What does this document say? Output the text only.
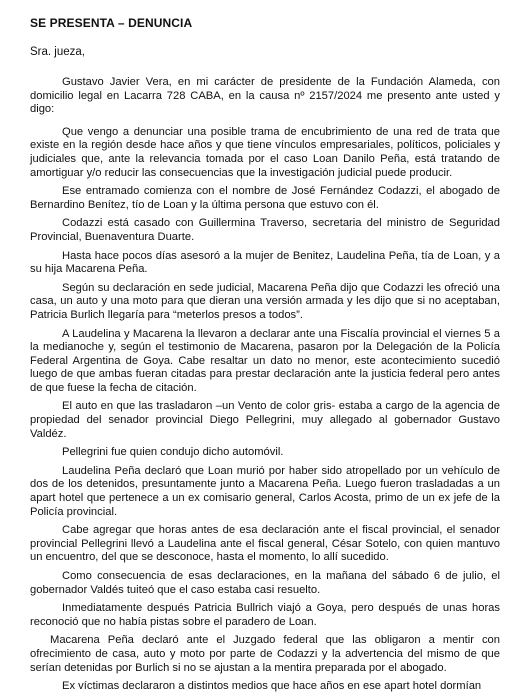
SE PRESENTA – DENUNCIA
Sra. jueza,

Gustavo Javier Vera, en mi carácter de presidente de la Fundación Alameda, con domicilio legal en Lacarra 728 CABA, en la causa nº 2157/2024 me presento ante usted y digo:

Que vengo a denunciar una posible trama de encubrimiento de una red de trata que existe en la región desde hace años y que tiene vínculos empresariales, políticos, policiales y judiciales que, ante la relevancia tomada por el caso Loan Danilo Peña, está tratando de amortiguar y/o reducir las consecuencias que la investigación judicial puede producir.

Ese entramado comienza con el nombre de José Fernández Codazzi, el abogado de Bernardino Benítez, tío de Loan y la última persona que estuvo con él.

Codazzi está casado con Guillermina Traverso, secretaria del ministro de Seguridad Provincial, Buenaventura Duarte.

Hasta hace pocos días asesoró a la mujer de Benitez, Laudelina Peña, tía de Loan, y a su hija Macarena Peña.

Según su declaración en sede judicial, Macarena Peña dijo que Codazzi les ofreció una casa, un auto y una moto para que dieran una versión armada y les dijo que si no aceptaban, Patricia Burlich llegaría para “meterlos presos a todos”.

A Laudelina y Macarena la llevaron a declarar ante una Fiscalía provincial el viernes 5 a la medianoche y, según el testimonio de Macarena, pasaron por la Delegación de la Policía Federal Argentina de Goya. Cabe resaltar un dato no menor, este acontecimiento sucedió luego de que ambas fueran citadas para prestar declaración ante la justicia federal pero antes de que fuese la fecha de citación.

El auto en que las trasladaron –un Vento de color gris- estaba a cargo de la agencia de propiedad del senador provincial Diego Pellegrini, muy allegado al gobernador Gustavo Valdéz.

Pellegrini fue quien condujo dicho automóvil.

Laudelina Peña declaró que Loan murió por haber sido atropellado por un vehículo de dos de los detenidos, presuntamente junto a Macarena Peña. Luego fueron trasladadas a un apart hotel que pertenece a un ex comisario general, Carlos Acosta, primo de un ex jefe de la Policía provincial.

Cabe agregar que horas antes de esa declaración ante el fiscal provincial, el senador provincial Pellegrini llevó a Laudelina ante el fiscal general, César Sotelo, con quien mantuvo un encuentro, del que se desconoce, hasta el momento, lo allí sucedido.

Como consecuencia de esas declaraciones, en la mañana del sábado 6 de julio, el gobernador Valdés tuiteó que el caso estaba casi resuelto.

Inmediatamente después Patricia Bullrich viajó a Goya, pero después de unas horas reconoció que no había pistas sobre el paradero de Loan.

Macarena Peña declaró ante el Juzgado federal que las obligaron a mentir con ofrecimiento de casa, auto y moto por parte de Codazzi y la advertencia del mismo de que serían detenidas por Burlich si no se ajustan a la mentira preparada por el abogado.

Ex víctimas declararon a distintos medios que hace años en ese apart hotel dormían
